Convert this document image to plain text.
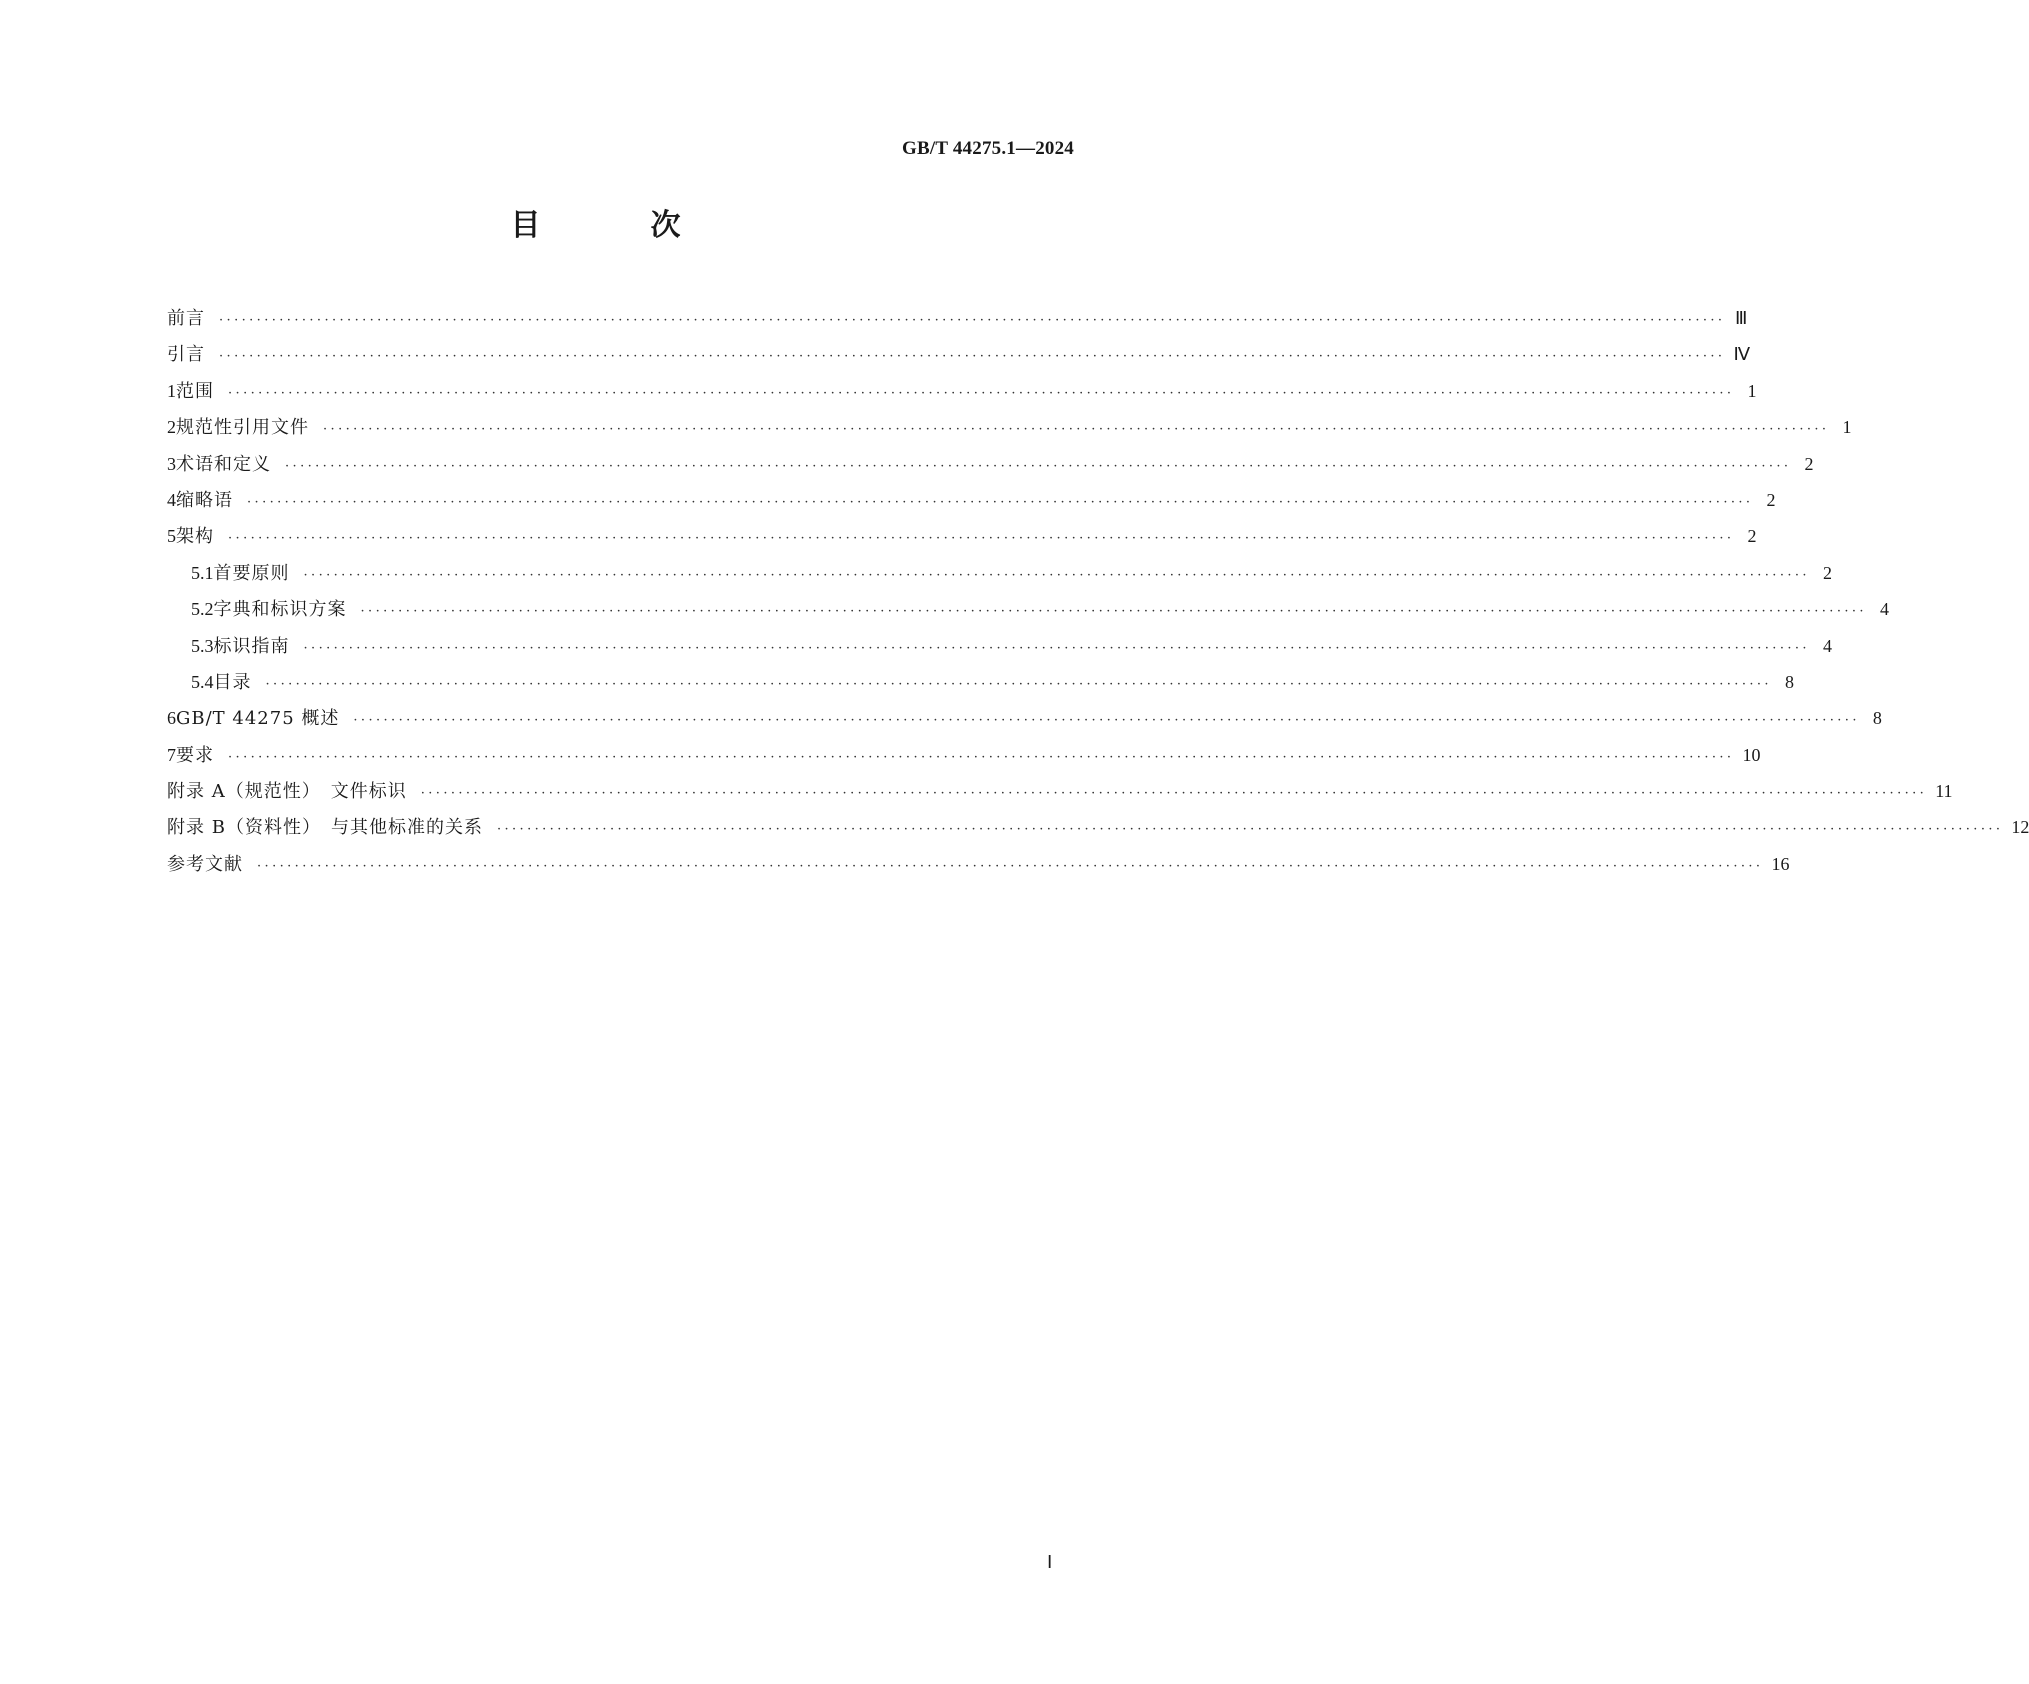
GB/T 44275.1—2024
目　次
前言 ········································································································································································································ Ⅲ
引言 ········································································································································································································ Ⅳ
1 范围 ········································································································································································································ 1
2 规范性引用文件 ········································································································································································································ 1
3 术语和定义 ········································································································································································································ 2
4 缩略语 ········································································································································································································ 2
5 架构 ········································································································································································································ 2
5.1 首要原则 ········································································································································································································ 2
5.2 字典和标识方案 ········································································································································································································ 4
5.3 标识指南 ········································································································································································································ 4
5.4 目录 ········································································································································································································ 8
6 GB/T 44275 概述 ········································································································································································································ 8
7 要求 ········································································································································································································ 10
附录 A（规范性）　文件标识 ········································································································································································································ 11
附录 B（资料性）　与其他标准的关系 ········································································································································································································ 12
参考文献 ········································································································································································································ 16
Ⅰ
